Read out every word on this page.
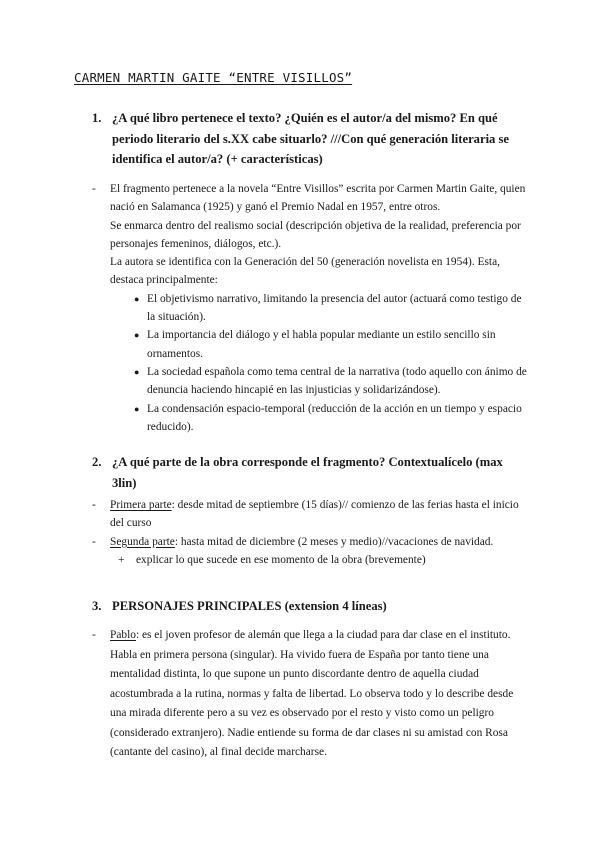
CARMEN MARTIN GAITE “ENTRE VISILLOS”
1. ¿A qué libro pertenece el texto? ¿Quién es el autor/a del mismo? En qué periodo literario del s.XX cabe situarlo? ///Con qué generación literaria se identifica el autor/a? (+ características)
- El fragmento pertenece a la novela “Entre Visillos” escrita por Carmen Martin Gaite, quien nació en Salamanca (1925) y ganó el Premio Nadal en 1957, entre otros.

Se enmarca dentro del realismo social (descripción objetiva de la realidad, preferencia por personajes femeninos, diálogos, etc.).

La autora se identifica con la Generación del 50 (generación novelista en 1954). Esta, destaca principalmente:

● El objetivismo narrativo, limitando la presencia del autor (actuará como testigo de la situación).
● La importancia del diálogo y el habla popular mediante un estilo sencillo sin ornamentos.
● La sociedad española como tema central de la narrativa (todo aquello con ánimo de denuncia haciendo hincapié en las injusticias y solidarizándose).
● La condensación espacio-temporal (reducción de la acción en un tiempo y espacio reducido).
2. ¿A qué parte de la obra corresponde el fragmento? Contextualícelo (max 3lin)
- Primera parte: desde mitad de septiembre (15 días)// comienzo de las ferias hasta el inicio del curso
- Segunda parte: hasta mitad de diciembre (2 meses y medio)//vacaciones de navidad.
+ explicar lo que sucede en ese momento de la obra (brevemente)
3. PERSONAJES PRINCIPALES (extension 4 líneas)
- Pablo: es el joven profesor de alemán que llega a la ciudad para dar clase en el instituto. Habla en primera persona (singular). Ha vivido fuera de España por tanto tiene una mentalidad distinta, lo que supone un punto discordante dentro de aquella ciudad acostumbrada a la rutina, normas y falta de libertad. Lo observa todo y lo describe desde una mirada diferente pero a su vez es observado por el resto y visto como un peligro (considerado extranjero). Nadie entiende su forma de dar clases ni su amistad con Rosa (cantante del casino), al final decide marcharse.
